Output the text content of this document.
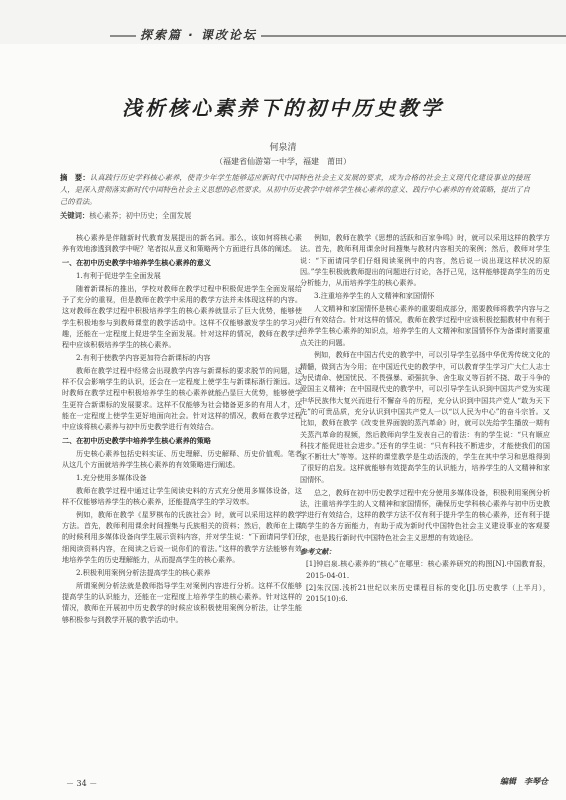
探索篇 · 课改论坛
浅析核心素养下的初中历史教学
何泉清
（福建省仙游第一中学，福建　莆田）
摘　要：认真践行历史学科核心素养，使青少年学生能够适应新时代中国特色社会主义发展的要求，成为合格的社会主义现代化建设事业的接班人，是深入贯彻落实新时代中国特色社会主义思想的必然要求。从初中历史教学中培养学生核心素养的意义、践行中心素养的有效策略，提出了自己的看法。
关键词：核心素养；初中历史；全面发展
核心素养是伴随新时代教育发展提出的新名词。那么，该如何将核心素养有效地渗透到教学中呢？笔者拟从意义和策略两个方面进行具体的阐述。
一、在初中历史教学中培养学生核心素养的意义
1.有利于促进学生全面发展
随着新课标的推出，学校对教师在教学过程中积极促进学生全面发展给予了充分的重视，但是教师在教学中采用的教学方法并未体现这样的内容。这对教师在教学过程中积极培养学生的核心素养就显示了巨大优势，能够使学生积极地参与到教师课堂的教学活动中。这样不仅能够激发学生的学习兴趣，还能在一定程度上促进学生全面发展。针对这样的情况，教师在教学过程中应该积极培养学生的核心素养。
2.有利于使教学内容更加符合新课标的内容
教师在教学过程中经常会出现教学内容与新课标的要求脱节的问题，这样不仅会影响学生的认识，还会在一定程度上使学生与新课标渐行渐远。这时教师在教学过程中积极培养学生的核心素养就能凸显巨大优势，能够使学生更符合新课标的发展要求。这样不仅能够为社会储备更多的有用人才，还能在一定程度上使学生更好地面向社会。针对这样的情况，教师在教学过程中应该将核心素养与初中历史教学进行有效结合。
二、在初中历史教学中培养学生核心素养的策略
历史核心素养包括史料实证、历史理解、历史解释、历史价值观。笔者从这几个方面就培养学生核心素养的有效策略进行阐述。
1.充分使用多媒体设备
教师在教学过程中通过让学生阅读史料的方式充分使用多媒体设备，这样不仅能够培养学生的核心素养，还能提高学生的学习效率。
例如，教师在教学《星罗棋布的氏族社会》时，就可以采用这样的教学方法。首先，教师利用课余时间搜集与氏族相关的资料；然后，教师在上课的时候利用多媒体设备向学生展示资料内容，并对学生说：“下面请同学们仔细阅读资料内容，在阅读之后说一说你们的看法。”这样的教学方法能够有效地培养学生的历史理解能力，从而提高学生的核心素养。
2.积极利用案例分析法提高学生的核心素养
所谓案例分析法就是教师指导学生对案例内容进行分析。这样不仅能够提高学生的认识能力，还能在一定程度上培养学生的核心素养。针对这样的情况，教师在开展初中历史教学的时候应该积极使用案例分析法，让学生能够积极参与到教学开展的教学活动中。
例如，教师在教学《思想的活跃和百家争鸣》时，就可以采用这样的教学方法。首先，教师利用课余时间搜集与教材内容相关的案例；然后，教师对学生说：“下面请同学们仔细阅读案例中的内容，然后说一说出现这样状况的原因。”学生积极就教师提出的问题进行讨论，各抒己见，这样能够提高学生的历史分析能力，从而培养学生的核心素养。
3.注重培养学生的人文精神和家国情怀
人文精神和家国情怀是核心素养的重要组成部分，需要教师将教学内容与之进行有效结合。针对这样的情况，教师在教学过程中应该积极挖掘教材中有利于培养学生核心素养的知识点，培养学生的人文精神和家国情怀作为备课时需要重点关注的问题。
例如，教师在中国古代史的教学中，可以引导学生弘扬中华优秀传统文化的精髓，做到古为今用；在中国近代史的教学中，可以教育学生学习广大仁人志士为民请命、使国忧民、不畏强暴、顽强抗争、舍生取义等百折不挠、敢于斗争的爱国主义精神；在中国现代史的教学中，可以引导学生认识到中国共产党为实现中华民族伟大复兴而进行不懈奋斗的历程，充分认识到中国共产党人“敢为天下先”的可贵品质，充分认识到中国共产党人一以“以人民为中心”的奋斗宗旨。又比如，教师在教学《改变世界面貌的蒸汽革命》时，就可以先给学生播放一期有关蒸汽革命的视频，然后教师向学生发表自己的看法：有的学生说：“只有顺应科技才能促进社会进步。”还有的学生说：“只有科技不断进步，才能使我们的国家不断壮大”等等。这样的课堂教学是生动活泼的，学生在其中学习和思维得到了很好的启发。这样就能够有效提高学生的认识能力，培养学生的人文精神和家国情怀。
总之，教师在初中历史教学过程中充分使用多媒体设备，积极利用案例分析法，注重培养学生的人文精神和家国情怀，确保历史学科核心素养与初中历史教学进行有效结合，这样的教学方法不仅有利于提升学生的核心素养，还有利于提高学生的各方面能力，有助于成为新时代中国特色社会主义建设事业的客观要求，也是践行新时代中国特色社会主义思想的有效途径。
参考文献：
[1]钟启泉.核心素养的“核心”在哪里：核心素养研究的构图[N].中国教育报，2015-04-01.
[2]朱汉国.浅析21世纪以来历史课程目标的变化[J].历史教学（上半月），2015(10):6.
－ 34 －	编辑　李琴仓
